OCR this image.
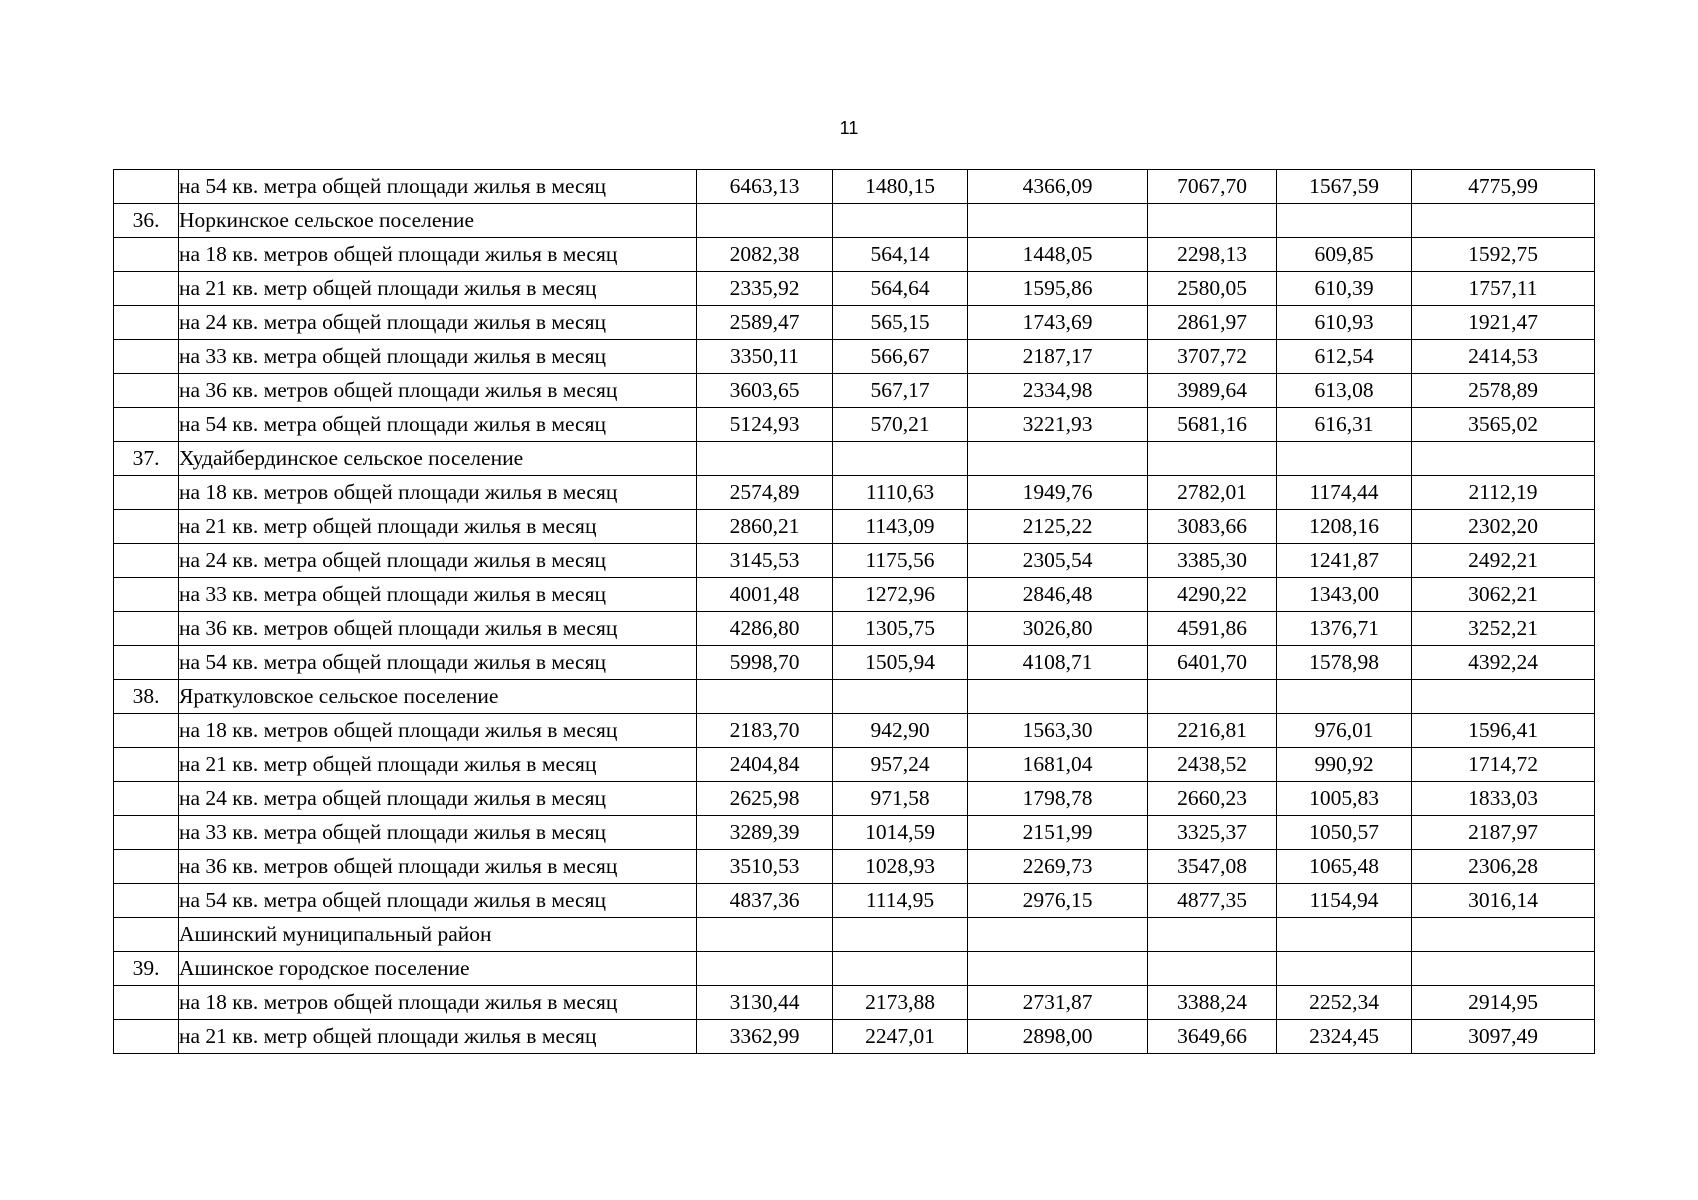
11
	на 54 кв. метра общей площади жилья в месяц	6463,13	1480,15	4366,09	7067,70	1567,59	4775,99
36.	Норкинское сельское поселение						
	на 18 кв. метров общей площади жилья в месяц	2082,38	564,14	1448,05	2298,13	609,85	1592,75
	на 21 кв. метр общей площади жилья в месяц	2335,92	564,64	1595,86	2580,05	610,39	1757,11
	на 24 кв. метра общей площади жилья в месяц	2589,47	565,15	1743,69	2861,97	610,93	1921,47
	на 33 кв. метра общей площади жилья в месяц	3350,11	566,67	2187,17	3707,72	612,54	2414,53
	на 36 кв. метров общей площади жилья в месяц	3603,65	567,17	2334,98	3989,64	613,08	2578,89
	на 54 кв. метра общей площади жилья в месяц	5124,93	570,21	3221,93	5681,16	616,31	3565,02
37.	Худайбердинское сельское поселение						
	на 18 кв. метров общей площади жилья в месяц	2574,89	1110,63	1949,76	2782,01	1174,44	2112,19
	на 21 кв. метр общей площади жилья в месяц	2860,21	1143,09	2125,22	3083,66	1208,16	2302,20
	на 24 кв. метра общей площади жилья в месяц	3145,53	1175,56	2305,54	3385,30	1241,87	2492,21
	на 33 кв. метра общей площади жилья в месяц	4001,48	1272,96	2846,48	4290,22	1343,00	3062,21
	на 36 кв. метров общей площади жилья в месяц	4286,80	1305,75	3026,80	4591,86	1376,71	3252,21
	на 54 кв. метра общей площади жилья в месяц	5998,70	1505,94	4108,71	6401,70	1578,98	4392,24
38.	Яраткуловское сельское поселение						
	на 18 кв. метров общей площади жилья в месяц	2183,70	942,90	1563,30	2216,81	976,01	1596,41
	на 21 кв. метр общей площади жилья в месяц	2404,84	957,24	1681,04	2438,52	990,92	1714,72
	на 24 кв. метра общей площади жилья в месяц	2625,98	971,58	1798,78	2660,23	1005,83	1833,03
	на 33 кв. метра общей площади жилья в месяц	3289,39	1014,59	2151,99	3325,37	1050,57	2187,97
	на 36 кв. метров общей площади жилья в месяц	3510,53	1028,93	2269,73	3547,08	1065,48	2306,28
	на 54 кв. метра общей площади жилья в месяц	4837,36	1114,95	2976,15	4877,35	1154,94	3016,14
	Ашинский муниципальный район						
39.	Ашинское городское поселение						
	на 18 кв. метров общей площади жилья в месяц	3130,44	2173,88	2731,87	3388,24	2252,34	2914,95
	на 21 кв. метр общей площади жилья в месяц	3362,99	2247,01	2898,00	3649,66	2324,45	3097,49
